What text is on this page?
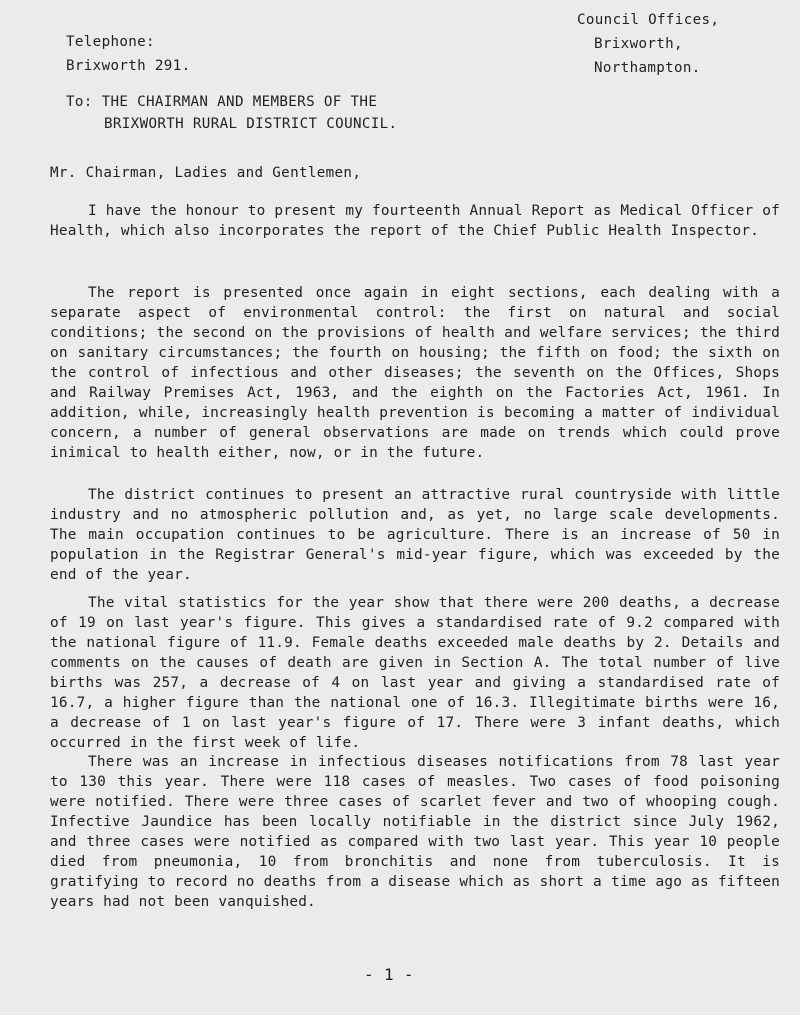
Telephone:
Brixworth 291.
Council Offices,
Brixworth,
Northampton.
To: THE CHAIRMAN AND MEMBERS OF THE
BRIXWORTH RURAL DISTRICT COUNCIL.
Mr. Chairman, Ladies and Gentlemen,

I have the honour to present my fourteenth Annual Report as Medical Officer of Health, which also incorporates the report of the Chief Public Health Inspector.

The report is presented once again in eight sections, each dealing with a separate aspect of environmental control: the first on natural and social conditions; the second on the provisions of health and welfare services; the third on sanitary circumstances; the fourth on housing; the fifth on food; the sixth on the control of infectious and other diseases; the seventh on the Offices, Shops and Railway Premises Act, 1963, and the eighth on the Factories Act, 1961. In addition, while, increasingly health prevention is becoming a matter of individual concern, a number of general observations are made on trends which could prove inimical to health either, now, or in the future.

The district continues to present an attractive rural countryside with little industry and no atmospheric pollution and, as yet, no large scale developments. The main occupation continues to be agriculture. There is an increase of 50 in population in the Registrar General's mid-year figure, which was exceeded by the end of the year.

The vital statistics for the year show that there were 200 deaths, a decrease of 19 on last year's figure. This gives a standardised rate of 9.2 compared with the national figure of 11.9. Female deaths exceeded male deaths by 2. Details and comments on the causes of death are given in Section A. The total number of live births was 257, a decrease of 4 on last year and giving a standardised rate of 16.7, a higher figure than the national one of 16.3. Illegitimate births were 16, a decrease of 1 on last year's figure of 17. There were 3 infant deaths, which occurred in the first week of life.

There was an increase in infectious diseases notifications from 78 last year to 130 this year. There were 118 cases of measles. Two cases of food poisoning were notified. There were three cases of scarlet fever and two of whooping cough. Infective Jaundice has been locally notifiable in the district since July 1962, and three cases were notified as compared with two last year. This year 10 people died from pneumonia, 10 from bronchitis and none from tuberculosis. It is gratifying to record no deaths from a disease which as short a time ago as fifteen years had not been vanquished.

- 1 -
